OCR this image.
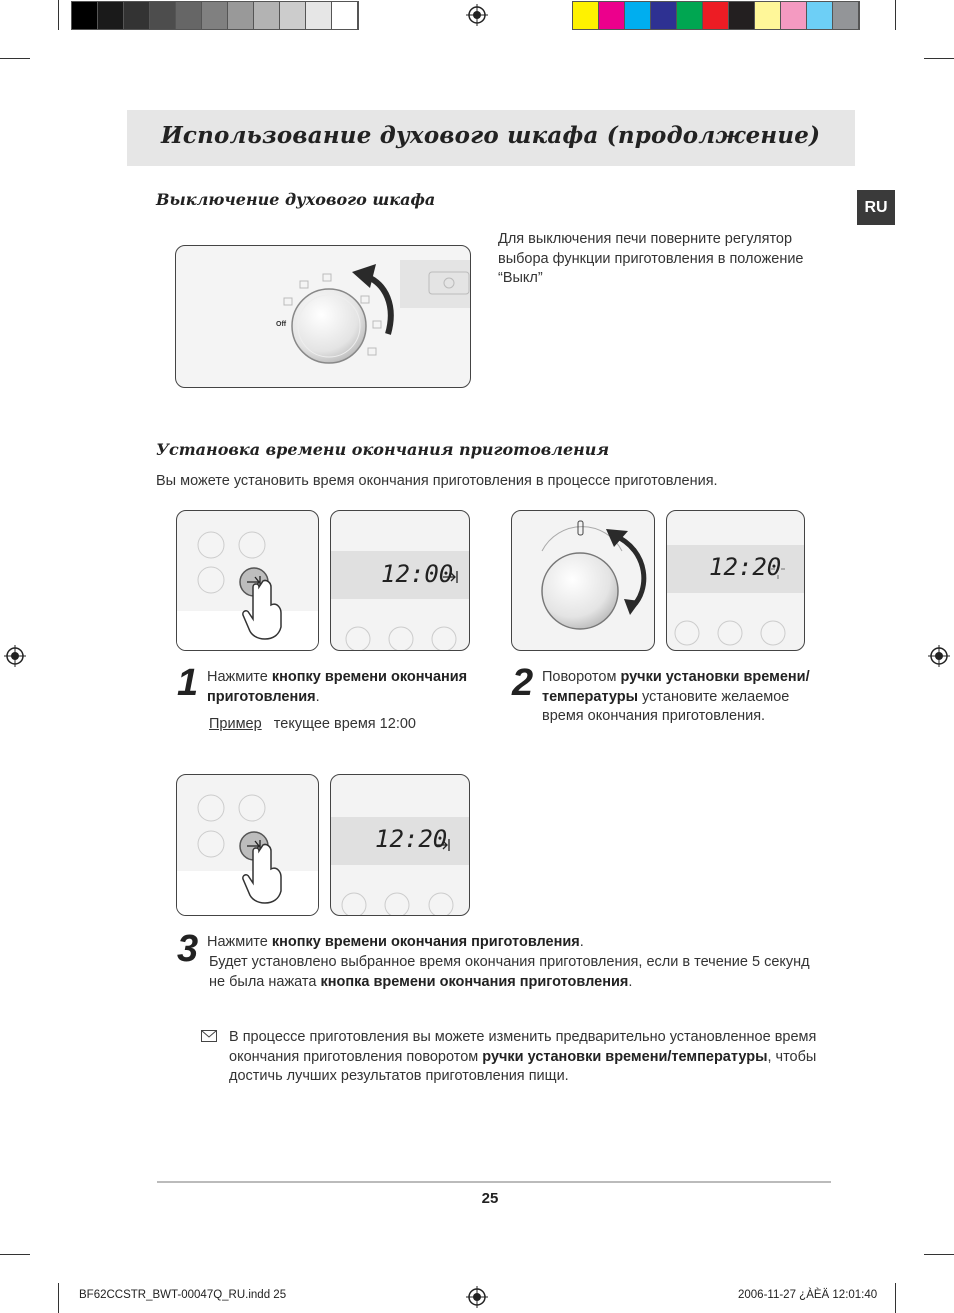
Использование духового шкафа (продолжение)
RU
Выключение духового шкафа
Off

Для выключения печи поверните регулятор выбора функции приготовления в положение “Выкл”

Установка времени окончания приготовления

Вы можете установить время окончания приготовления в процессе приготовления.

12:00	12:20
1 Нажмите кнопку времени окончания приготовления.

Пример текущее время 12:00

2 Поворотом ручки установки времени/температуры установите желаемое время окончания приготовления.

12:20
3 Нажмите кнопку времени окончания приготовления.

Будет установлено выбранное время окончания приготовления, если в течение 5 секунд не была нажата кнопка времени окончания приготовления.

В процессе приготовления вы можете изменить предварительно установленное время окончания приготовления поворотом ручки установки времени/температуры, чтобы достичь лучших результатов приготовления пищи.

25
BF62CCSTR_BWT-00047Q_RU.indd 25	2006-11-27 ¿ÀÈÄ 12:01:40
